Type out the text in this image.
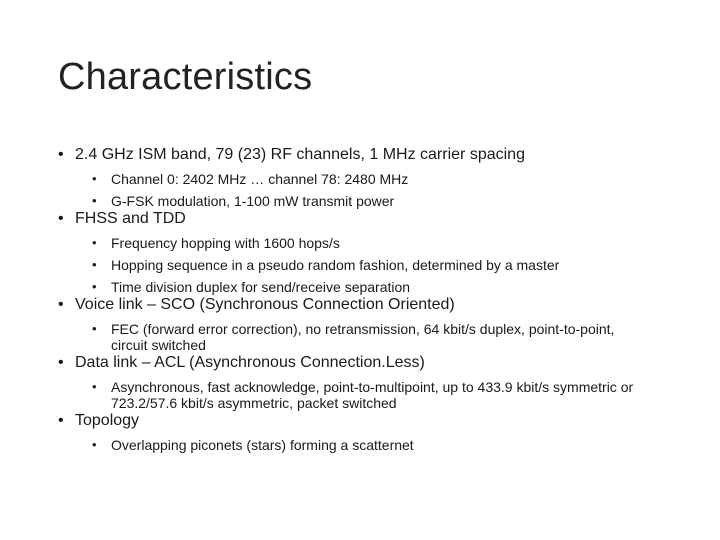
Characteristics
• 2.4 GHz ISM band, 79 (23) RF channels, 1 MHz carrier spacing
• Channel 0: 2402 MHz … channel 78: 2480 MHz
• G-FSK modulation, 1-100 mW transmit power
• FHSS and TDD
• Frequency hopping with 1600 hops/s
• Hopping sequence in a pseudo random fashion, determined by a master
• Time division duplex for send/receive separation
• Voice link – SCO (Synchronous Connection Oriented)
• FEC (forward error correction), no retransmission, 64 kbit/s duplex, point-to-point, circuit switched
• Data link – ACL (Asynchronous Connection.Less)
• Asynchronous, fast acknowledge, point-to-multipoint, up to 433.9 kbit/s symmetric or 723.2/57.6 kbit/s asymmetric, packet switched
• Topology
• Overlapping piconets (stars) forming a scatternet
